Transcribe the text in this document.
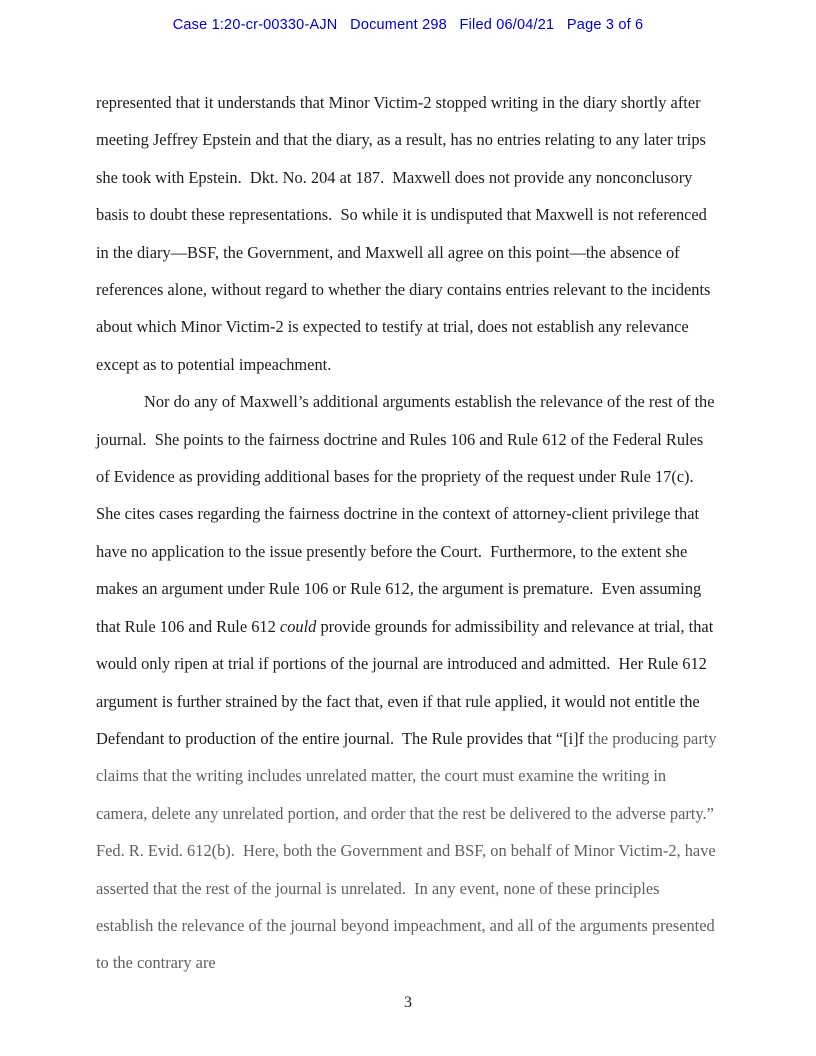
Case 1:20-cr-00330-AJN   Document 298   Filed 06/04/21   Page 3 of 6

represented that it understands that Minor Victim-2 stopped writing in the diary shortly after meeting Jeffrey Epstein and that the diary, as a result, has no entries relating to any later trips she took with Epstein.  Dkt. No. 204 at 187.  Maxwell does not provide any nonconclusory basis to doubt these representations.  So while it is undisputed that Maxwell is not referenced in the diary—BSF, the Government, and Maxwell all agree on this point—the absence of references alone, without regard to whether the diary contains entries relevant to the incidents about which Minor Victim-2 is expected to testify at trial, does not establish any relevance except as to potential impeachment.

Nor do any of Maxwell’s additional arguments establish the relevance of the rest of the journal.  She points to the fairness doctrine and Rules 106 and Rule 612 of the Federal Rules of Evidence as providing additional bases for the propriety of the request under Rule 17(c).  She cites cases regarding the fairness doctrine in the context of attorney-client privilege that have no application to the issue presently before the Court.  Furthermore, to the extent she makes an argument under Rule 106 or Rule 612, the argument is premature.  Even assuming that Rule 106 and Rule 612 could provide grounds for admissibility and relevance at trial, that would only ripen at trial if portions of the journal are introduced and admitted.  Her Rule 612 argument is further strained by the fact that, even if that rule applied, it would not entitle the Defendant to production of the entire journal.  The Rule provides that “[i]f the producing party claims that the writing includes unrelated matter, the court must examine the writing in camera, delete any unrelated portion, and order that the rest be delivered to the adverse party.”  Fed. R. Evid. 612(b).  Here, both the Government and BSF, on behalf of Minor Victim-2, have asserted that the rest of the journal is unrelated.  In any event, none of these principles establish the relevance of the journal beyond impeachment, and all of the arguments presented to the contrary are

3
